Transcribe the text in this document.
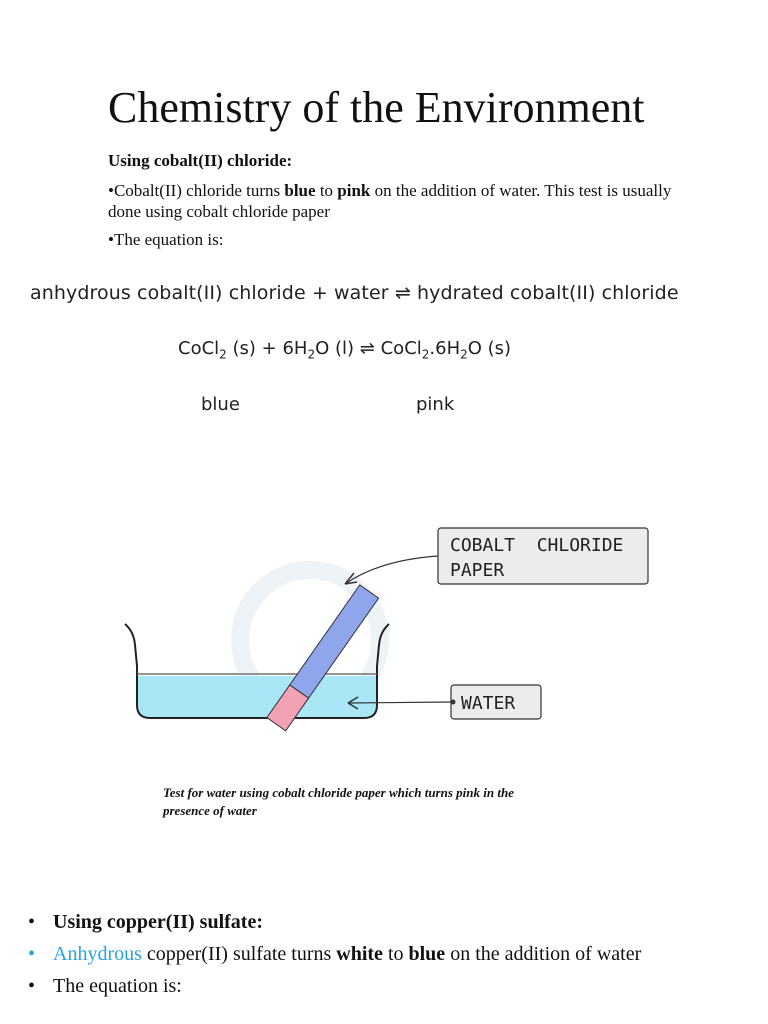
Chemistry of the Environment
Using cobalt(II) chloride:
•Cobalt(II) chloride turns blue to pink on the addition of water. This test is usually done using cobalt chloride paper
•The equation is:
anhydrous cobalt(II) chloride + water ⇌ hydrated cobalt(II) chloride
CoCl$_2$ $(s) + 6H_2O$ (l) ⇌ $CoCl_2.6H_2O$ (s)
blue	pink
COBALT  CHLORIDE
PAPER
WATER
Test for water using cobalt chloride paper which turns pink in the presence of water
• Using copper(II) sulfate:
• Anhydrous copper(II) sulfate turns white to blue on the addition of water
• The equation is:
